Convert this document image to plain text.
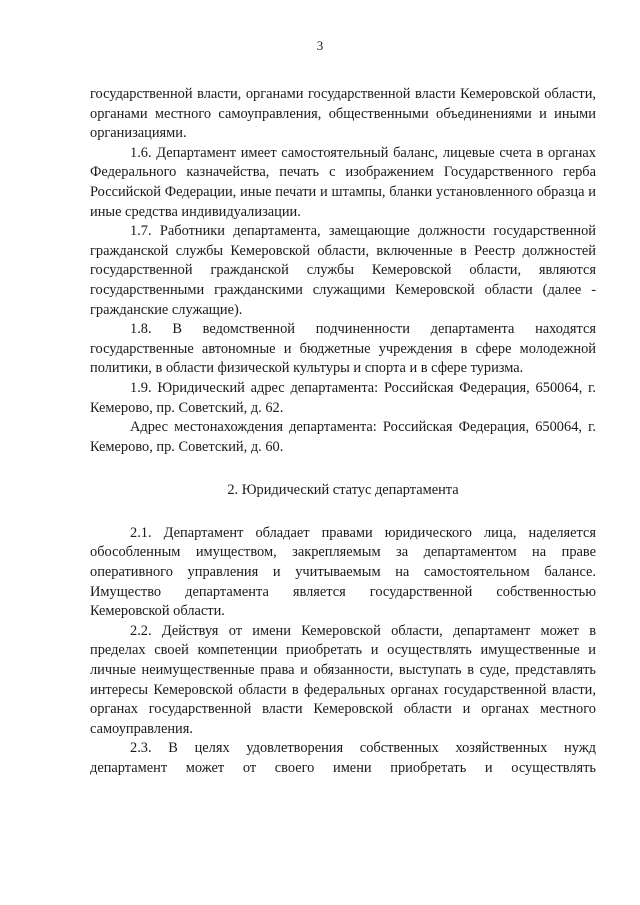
3

государственной власти, органами государственной власти Кемеровской области, органами местного самоуправления, общественными объединениями и иными организациями.

1.6. Департамент имеет самостоятельный баланс, лицевые счета в органах Федерального казначейства, печать с изображением Государственного герба Российской Федерации, иные печати и штампы, бланки установленного образца и иные средства индивидуализации.

1.7. Работники департамента, замещающие должности государственной гражданской службы Кемеровской области, включенные в Реестр должностей государственной гражданской службы Кемеровской области, являются государственными гражданскими служащими Кемеровской области (далее - гражданские служащие).

1.8. В ведомственной подчиненности департамента находятся государственные автономные и бюджетные учреждения в сфере молодежной политики, в области физической культуры и спорта и в сфере туризма.

1.9. Юридический адрес департамента: Российская Федерация, 650064, г. Кемерово, пр. Советский, д. 62.

Адрес местонахождения департамента: Российская Федерация, 650064, г. Кемерово, пр. Советский, д. 60.

2. Юридический статус департамента

2.1. Департамент обладает правами юридического лица, наделяется обособленным имуществом, закрепляемым за департаментом на праве оперативного управления и учитываемым на самостоятельном балансе. Имущество департамента является государственной собственностью Кемеровской области.

2.2. Действуя от имени Кемеровской области, департамент может в пределах своей компетенции приобретать и осуществлять имущественные и личные неимущественные права и обязанности, выступать в суде, представлять интересы Кемеровской области в федеральных органах государственной власти, органах государственной власти Кемеровской области и органах местного самоуправления.

2.3. В целях удовлетворения собственных хозяйственных нужд департамент может от своего имени приобретать и осуществлять
